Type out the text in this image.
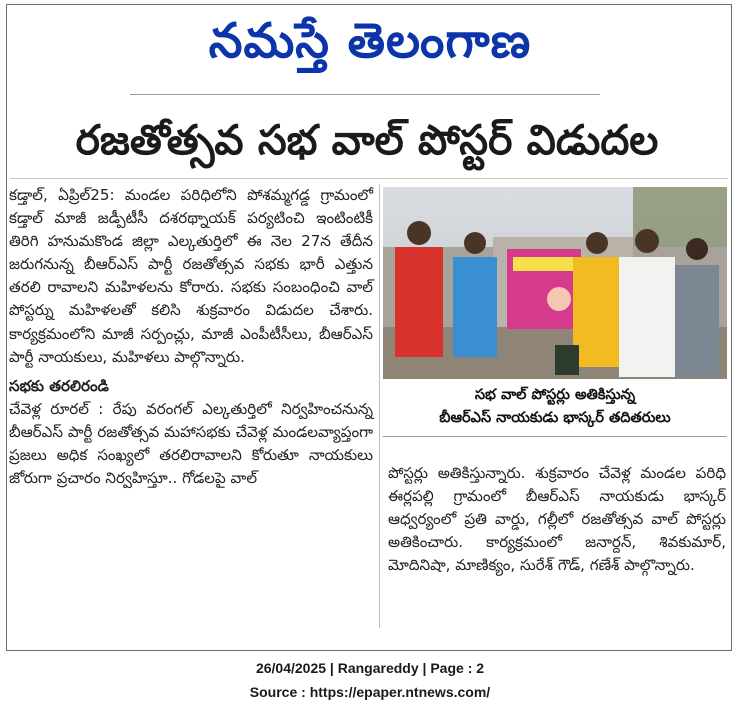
నమస్తే తెలంగాణ
రజతోత్సవ సభ వాల్ పోస్టర్ విడుదల

కడ్తాల్, ఏప్రిల్25: మండల పరిధిలోని పోశమ్మగడ్డ గ్రామంలో కడ్తాల్ మాజీ జడ్పీటీసీ దశరథ్నాయక్ పర్యటించి ఇంటింటికీ తిరిగి హనుమకొండ జిల్లా ఎల్కతుర్తిలో ఈ నెల 27న తేదీన జరుగనున్న బీఆర్ఎస్ పార్టీ రజతోత్సవ సభకు భారీ ఎత్తున తరలి రావాలని మహిళలను కోరారు. సభకు సంబంధించి వాల్ పోస్టర్ను మహిళలతో కలిసి శుక్రవారం విడుదల చేశారు. కార్యక్రమంలోని మాజీ సర్పంచ్లు, మాజీ ఎంపీటీసీలు, బీఆర్ఎస్ పార్టీ నాయకులు, మహిళలు పాల్గొన్నారు.

సభకు తరలిరండి

చేవెళ్ల రూరల్ : రేపు వరంగల్ ఎల్కతుర్తిలో నిర్వహించనున్న బీఆర్ఎస్ పార్టీ రజతోత్సవ మహాసభకు చేవెళ్ల మండలవ్యాప్తంగా ప్రజలు అధిక సంఖ్యలో తరలిరావాలని కోరుతూ నాయకులు జోరుగా ప్రచారం నిర్వహిస్తూ.. గోడలపై వాల్

సభ వాల్ పోస్టర్లు అతికిస్తున్న
బీఆర్ఎస్ నాయకుడు భాస్కర్ తదితరులు

పోస్టర్లు అతికిస్తున్నారు. శుక్రవారం చేవెళ్ల మండల పరిధి ఈర్లపల్లి గ్రామంలో బీఆర్ఎస్ నాయకుడు భాస్కర్ ఆధ్వర్యంలో ప్రతి వార్డు, గల్లీలో రజతోత్సవ వాల్ పోస్టర్లు అతికించారు. కార్యక్రమంలో జనార్దన్, శివకుమార్, మోదినిషా, మాణిక్యం, సురేశ్ గౌడ్, గణేశ్ పాల్గొన్నారు.

26/04/2025 | Rangareddy | Page : 2
Source : https://epaper.ntnews.com/
